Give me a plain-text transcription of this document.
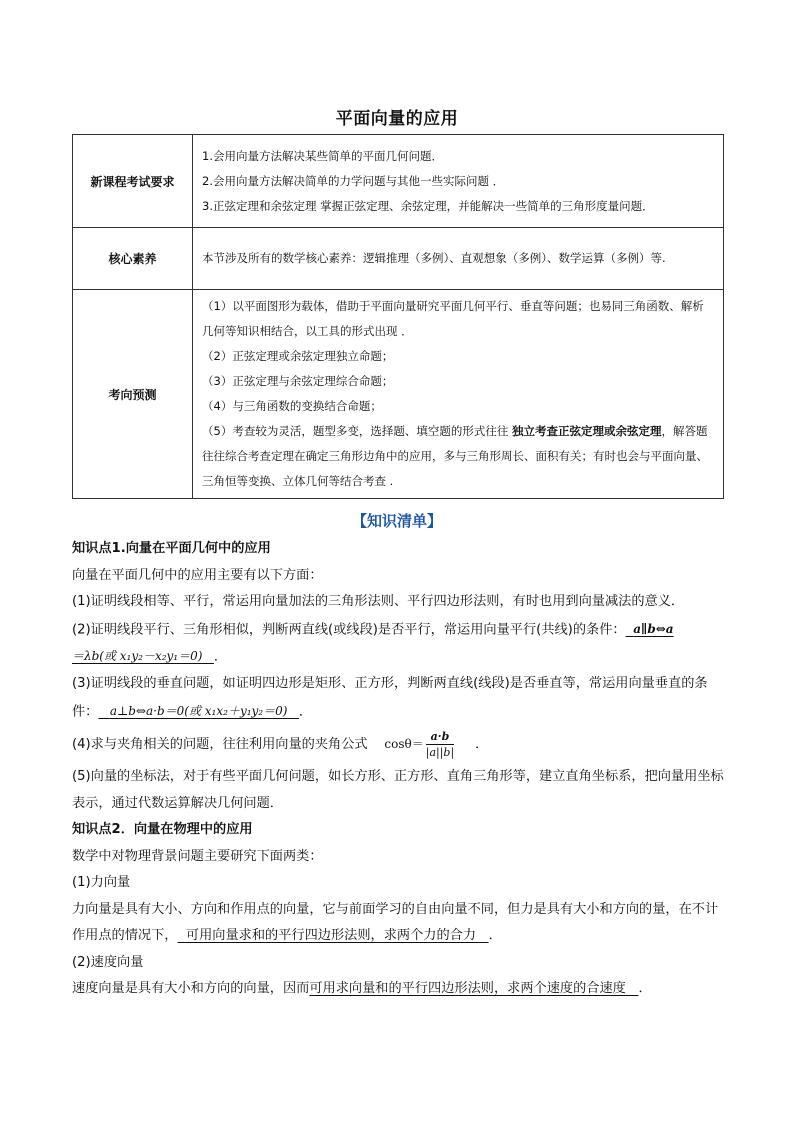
平面向量的应用
新课程考试要求	1.会用向量方法解决某些简单的平面几何问题．
2.会用向量方法解决简单的力学问题与其他一些实际问题 ．
3.正弦定理和余弦定理 掌握正弦定理、余弦定理，并能解决一些简单的三角形度量问题．

核心素养	本节涉及所有的数学核心素养：逻辑推理（多例）、直观想象（多例）、数学运算（多例）等.

考向预测	（1）以平面图形为载体，借助于平面向量研究平面几何平行、垂直等问题；也易同三角函数、解析几何等知识相结合，以工具的形式出现 ．
（2）正弦定理或余弦定理独立命题；
（3）正弦定理与余弦定理综合命题；
（4）与三角函数的变换结合命题；
（5）考查较为灵活，题型多变，选择题、填空题的形式往往 独立考查正弦定理或余弦定理，解答题往往综合考查定理在确定三角形边角中的应用，多与三角形周长、面积有关；有时也会与平面向量、三角恒等变换、立体几何等结合考查 .
【知识清单】

知识点1.向量在平面几何中的应用

向量在平面几何中的应用主要有以下方面：

(1)证明线段相等、平行，常运用向量加法的三角形法则、平行四边形法则，有时也用到向量减法的意义．

(2)证明线段平行、三角形相似，判断两直线(或线段)是否平行，常运用向量平行(共线)的条件： a∥b⇔a
＝λb(或 x₁y₂－x₂y₁＝0) ．

(3)证明线段的垂直问题，如证明四边形是矩形、正方形，判断两直线(线段)是否垂直等，常运用向量垂直的条件： a⊥b⇔a·b＝0(或 x₁x₂＋y₁y₂＝0) ．

(4)求与夹角相关的问题，往往利用向量的夹角公式 $\cos\theta= \frac{a\cdot b}{|a||b|}$ ．

(5)向量的坐标法，对于有些平面几何问题，如长方形、正方形、直角三角形等，建立直角坐标系，把向量用坐标表示，通过代数运算解决几何问题．

知识点2．向量在物理中的应用

数学中对物理背景问题主要研究下面两类：

(1)力向量

力向量是具有大小、方向和作用点的向量，它与前面学习的自由向量不同，但力是具有大小和方向的量，在不计作用点的情况下， 可用向量求和的平行四边形法则，求两个力的合力 ．

(2)速度向量

速度向量是具有大小和方向的向量，因而可用求向量和的平行四边形法则，求两个速度的合速度 ．
